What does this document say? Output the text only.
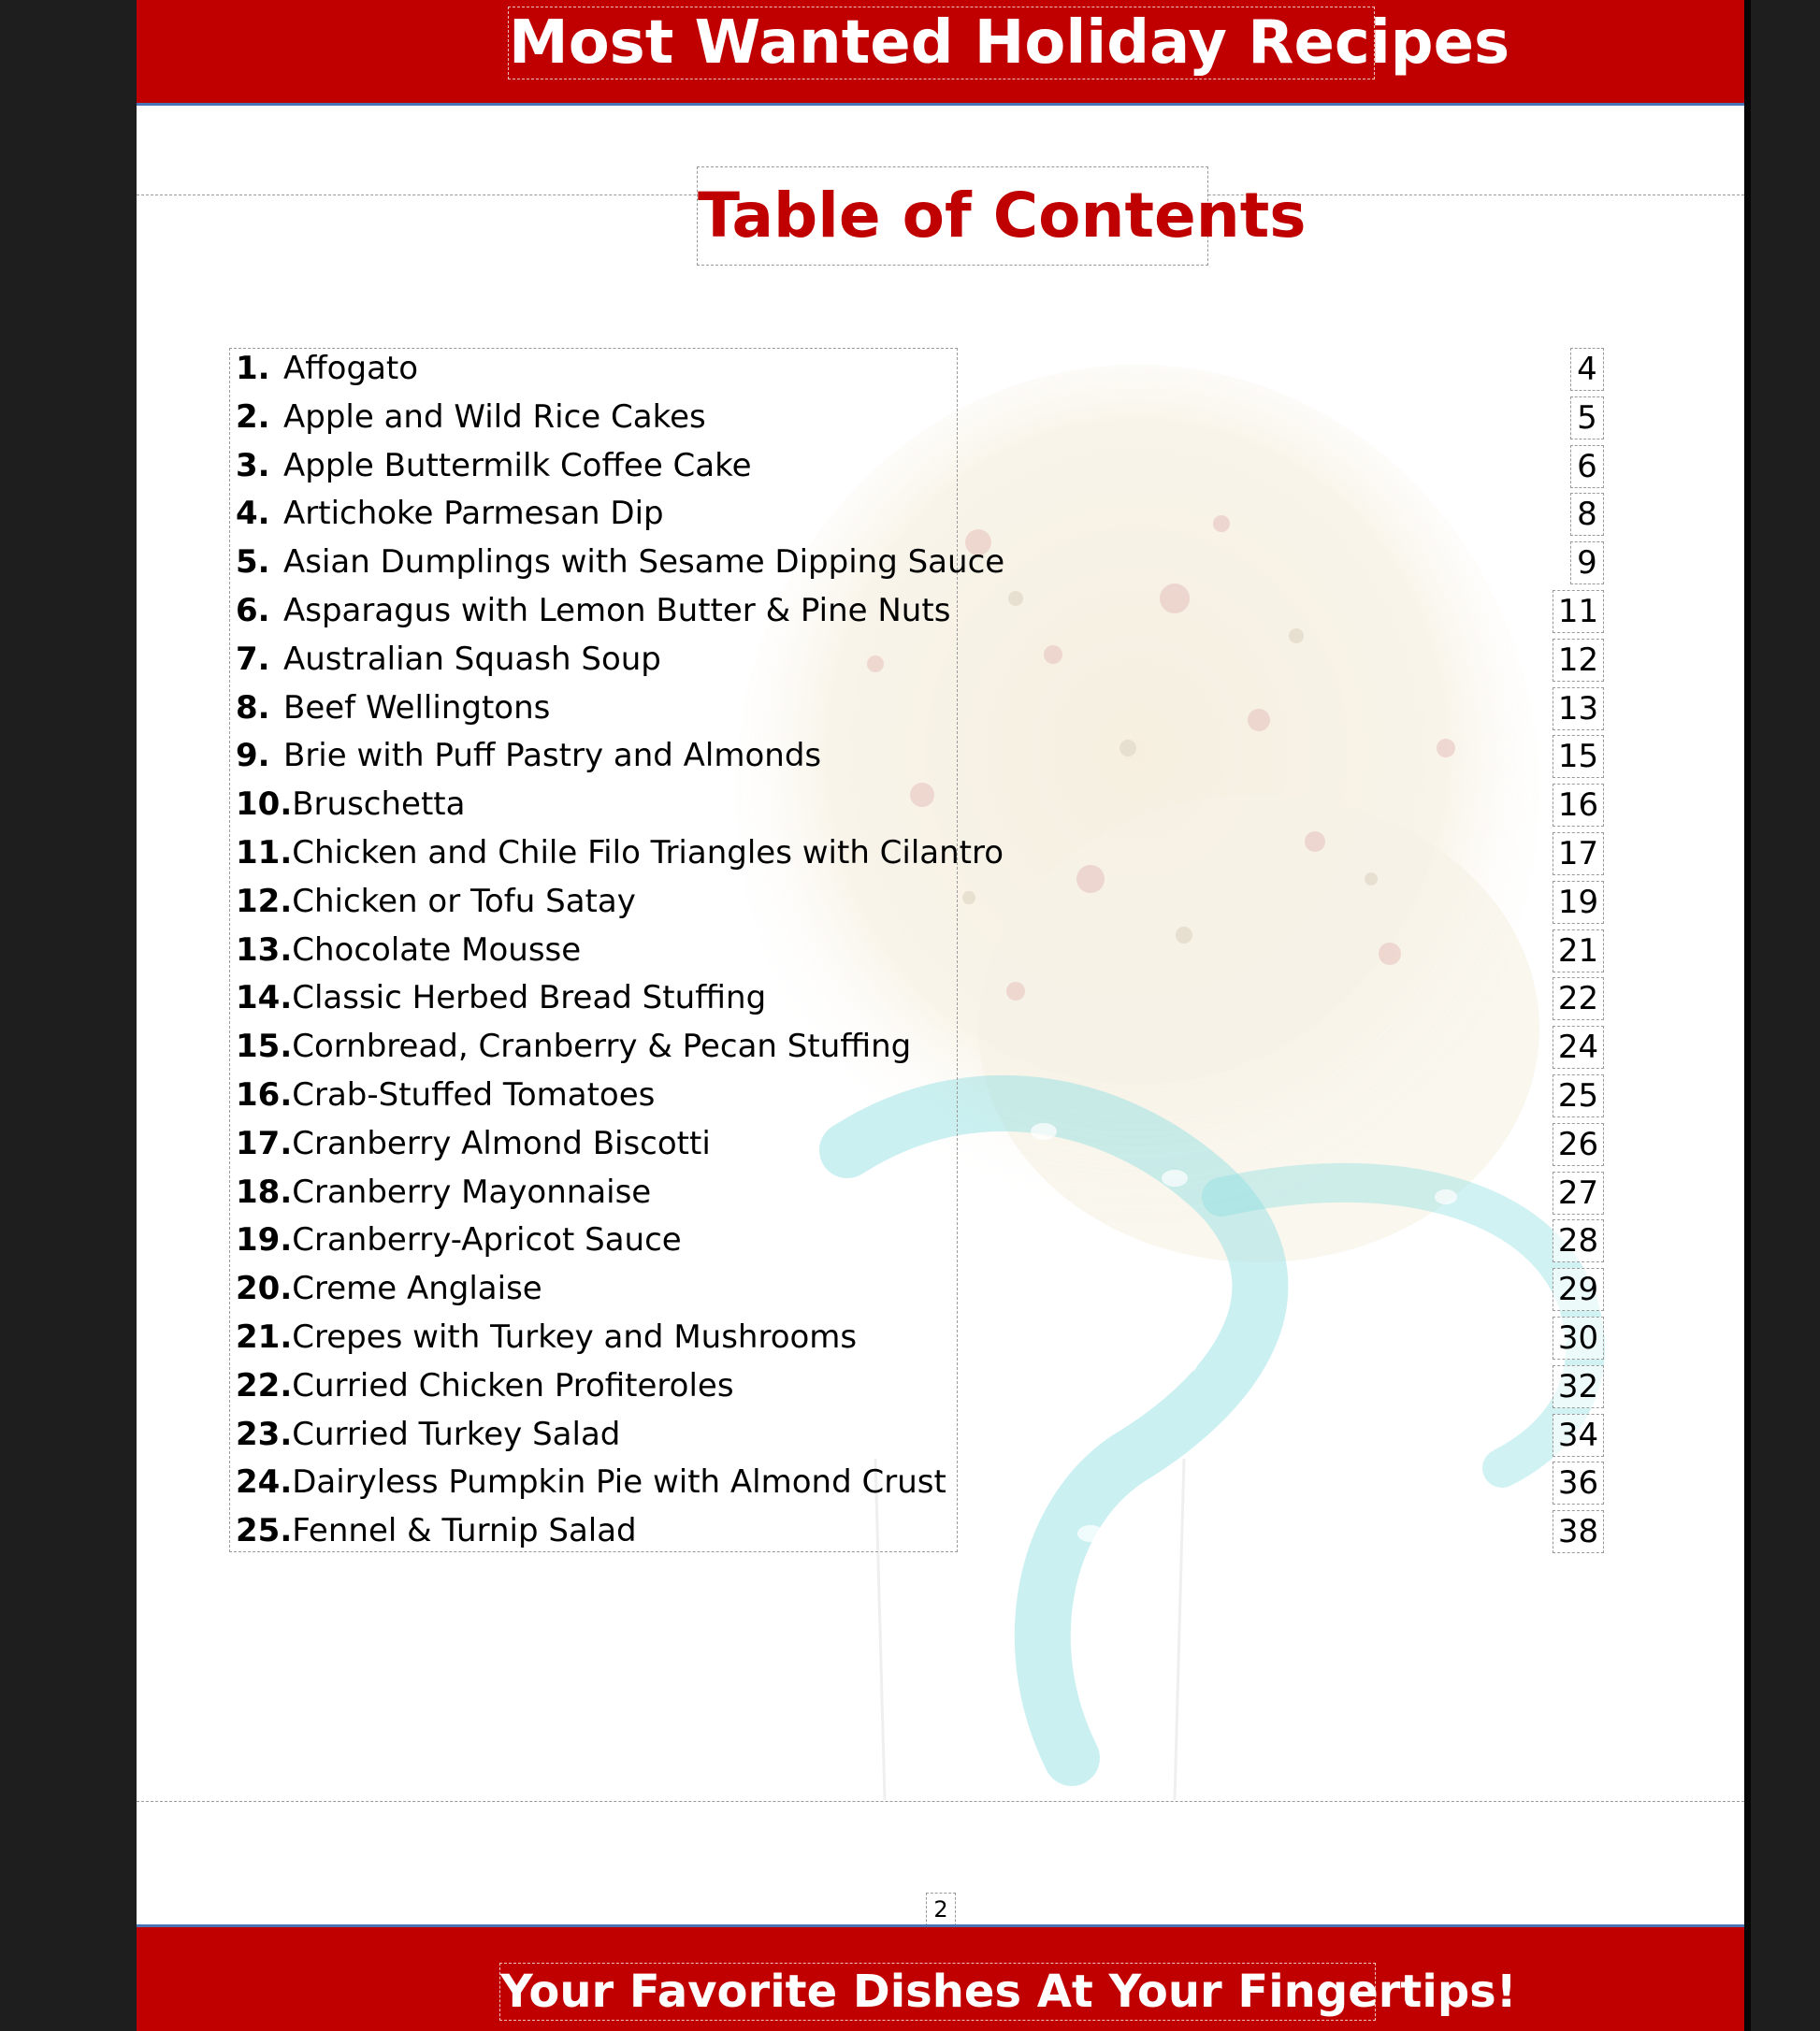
Most Wanted Holiday Recipes
Table of Contents
1. Affogato
2. Apple and Wild Rice Cakes
3. Apple Buttermilk Coffee Cake
4. Artichoke Parmesan Dip
5. Asian Dumplings with Sesame Dipping Sauce
6. Asparagus with Lemon Butter & Pine Nuts
7. Australian Squash Soup
8. Beef Wellingtons
9. Brie with Puff Pastry and Almonds
10.Bruschetta
11.Chicken and Chile Filo Triangles with Cilantro
12.Chicken or Tofu Satay
13.Chocolate Mousse
14.Classic Herbed Bread Stuffing
15.Cornbread, Cranberry & Pecan Stuffing
16.Crab-Stuffed Tomatoes
17.Cranberry Almond Biscotti
18.Cranberry Mayonnaise
19.Cranberry-Apricot Sauce
20.Creme Anglaise
21.Crepes with Turkey and Mushrooms
22.Curried Chicken Profiteroles
23.Curried Turkey Salad
24.Dairyless Pumpkin Pie with Almond Crust
25.Fennel & Turnip Salad
4
5
6
8
9
11
12
13
15
16
17
19
21
22
24
25
26
27
28
29
30
32
34
36
38
2
Your Favorite Dishes At Your Fingertips!
